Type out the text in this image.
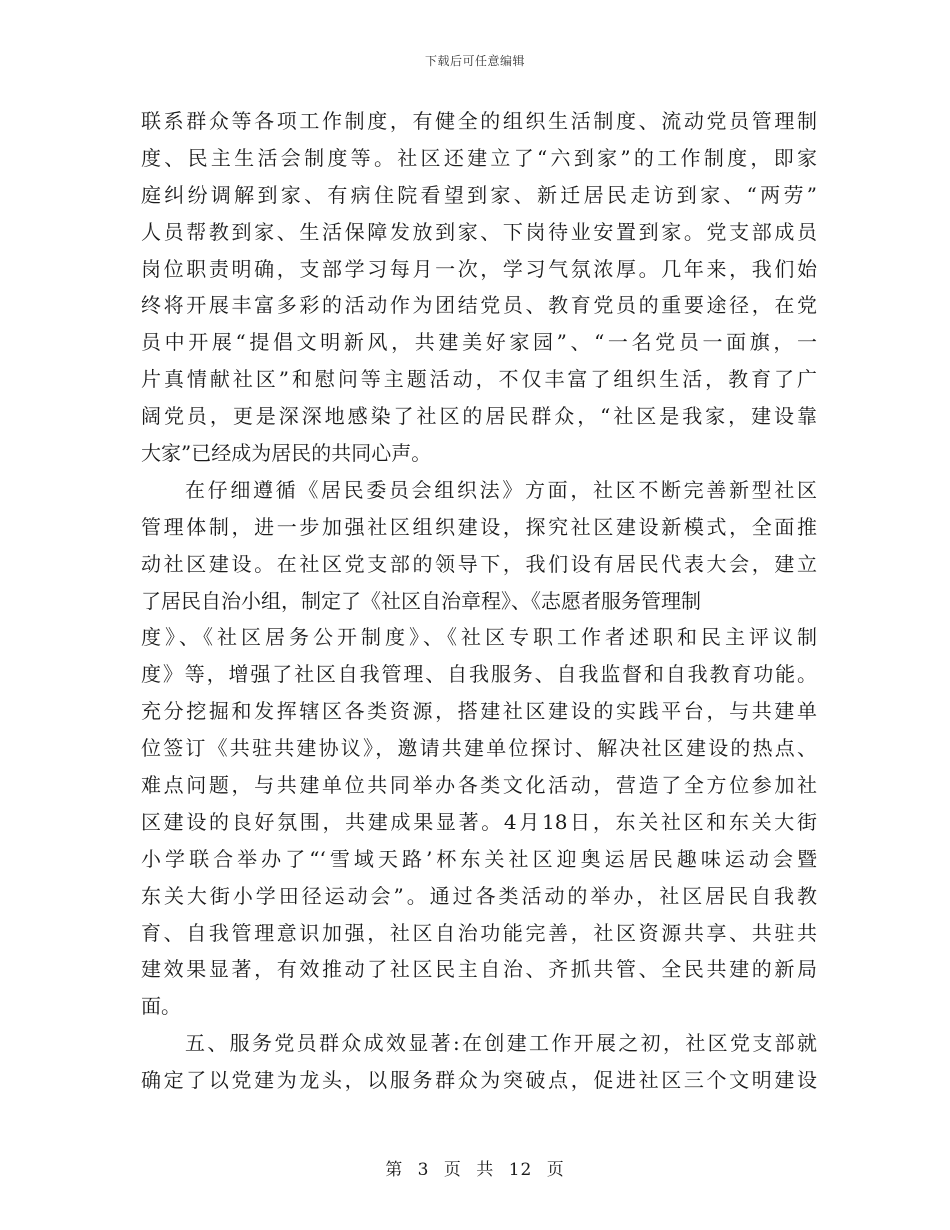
下载后可任意编辑
联系群众等各项工作制度，有健全的组织生活制度、流动党员管理制
度、民主生活会制度等。社区还建立了“六到家”的工作制度，即家
庭纠纷调解到家、有病住院看望到家、新迁居民走访到家、“两劳”
人员帮教到家、生活保障发放到家、下岗待业安置到家。党支部成员
岗位职责明确，支部学习每月一次，学习气氛浓厚。几年来，我们始
终将开展丰富多彩的活动作为团结党员、教育党员的重要途径，在党
员中开展“提倡文明新风，共建美好家园”、“一名党员一面旗，一
片真情献社区”和慰问等主题活动，不仅丰富了组织生活，教育了广
阔党员，更是深深地感染了社区的居民群众，“社区是我家，建设靠
大家”已经成为居民的共同心声。
在仔细遵循《居民委员会组织法》方面，社区不断完善新型社区
管理体制，进一步加强社区组织建设，探究社区建设新模式，全面推
动社区建设。在社区党支部的领导下，我们设有居民代表大会，建立
了居民自治小组，制定了《社区自治章程》、《志愿者服务管理制
度》、《社区居务公开制度》、《社区专职工作者述职和民主评议制
度》等，增强了社区自我管理、自我服务、自我监督和自我教育功能。
充分挖掘和发挥辖区各类资源，搭建社区建设的实践平台，与共建单
位签订《共驻共建协议》，邀请共建单位探讨、解决社区建设的热点、
难点问题，与共建单位共同举办各类文化活动，营造了全方位参加社
区建设的良好氛围，共建成果显著。4月18日，东关社区和东关大街
小学联合举办了“‘雪域天路’杯东关社区迎奥运居民趣味运动会暨
东关大街小学田径运动会”。通过各类活动的举办，社区居民自我教
育、自我管理意识加强，社区自治功能完善，社区资源共享、共驻共
建效果显著，有效推动了社区民主自治、齐抓共管、全民共建的新局
面。
五、服务党员群众成效显著:在创建工作开展之初，社区党支部就
确定了以党建为龙头，以服务群众为突破点，促进社区三个文明建设
第 3 页 共 12 页
